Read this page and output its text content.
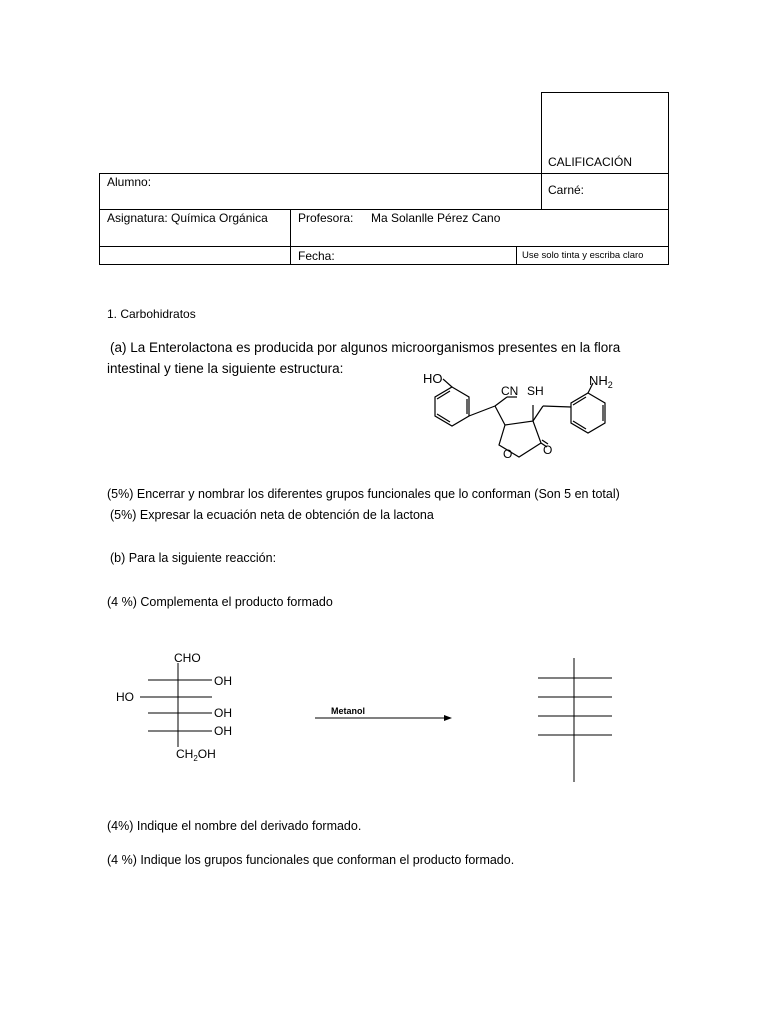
CALIFICACIÓN
Alumno:
Carné:
Asignatura: Química Orgánica	Profesora: Ma Solanlle Pérez Cano
Fecha:	Use solo tinta y escriba claro
1. Carbohidratos
(a) La Enterolactona es producida por algunos microorganismos presentes en la flora
intestinal y tiene la siguiente estructura:
HO
CN SH
$NH_2$
O	O
(5%) Encerrar y nombrar los diferentes grupos funcionales que lo conforman (Son 5 en total)
(5%) Expresar la ecuación neta de obtención de la lactona
(b) Para la siguiente reacción:
(4 %) Complementa el producto formado
CHO
OH
HO
OH
OH
$CH_2OH$
Metanol
(4%) Indique el nombre del derivado formado.
(4 %) Indique los grupos funcionales que conforman el producto formado.
